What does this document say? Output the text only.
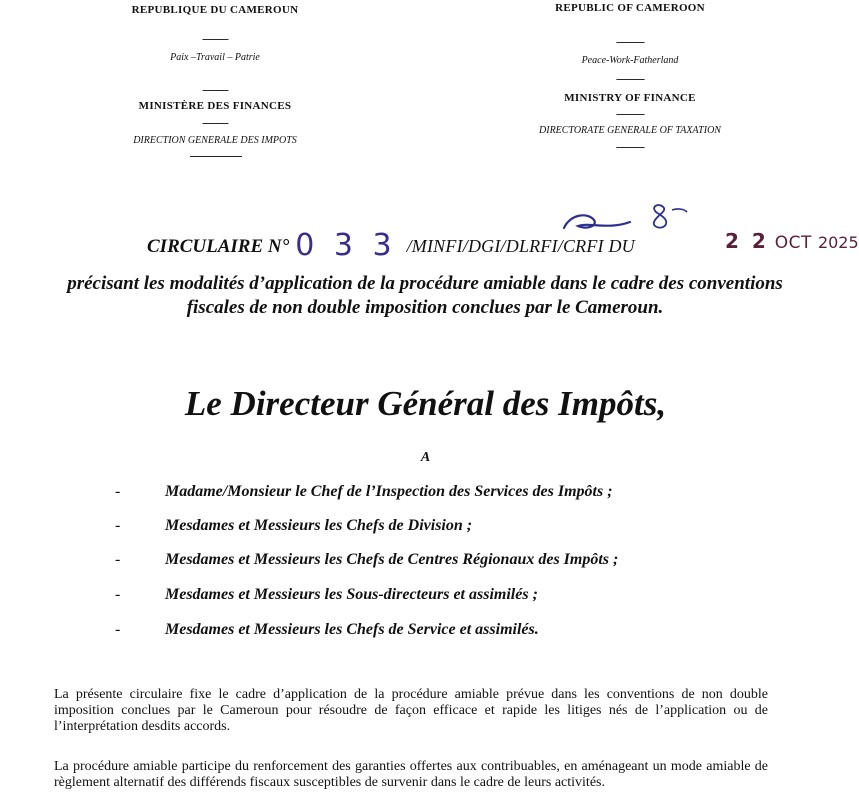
REPUBLIQUE DU CAMEROUN
-----------
Paix –Travail – Patrie
-----------
MINISTÈRE DES FINANCES
-----------
DIRECTION GENERALE DES IMPOTS
REPUBLIC OF CAMEROON
------------
Peace-Work-Fatherland
------------
MINISTRY OF FINANCE
------------
DIRECTORATE GENERALE OF TAXATION
------------
CIRCULAIRE N° 0 3 3 /MINFI/DGI/DLRFI/CRFI DU	2 2 OCT 2025
précisant les modalités d’application de la procédure amiable dans le cadre des conventions fiscales de non double imposition conclues par le Cameroun.
Le Directeur Général des Impôts,
A
-	Madame/Monsieur le Chef de l’Inspection des Services des Impôts ;
-	Mesdames et Messieurs les Chefs de Division ;
-	Mesdames et Messieurs les Chefs de Centres Régionaux des Impôts ;
-	Mesdames et Messieurs les Sous-directeurs et assimilés ;
-	Mesdames et Messieurs les Chefs de Service et assimilés.
La présente circulaire fixe le cadre d’application de la procédure amiable prévue dans les conventions de non double imposition conclues par le Cameroun pour résoudre de façon efficace et rapide les litiges nés de l’application ou de l’interprétation desdits accords.
La procédure amiable participe du renforcement des garanties offertes aux contribuables, en aménageant un mode amiable de règlement alternatif des différends fiscaux susceptibles de survenir dans le cadre de leurs activités.
